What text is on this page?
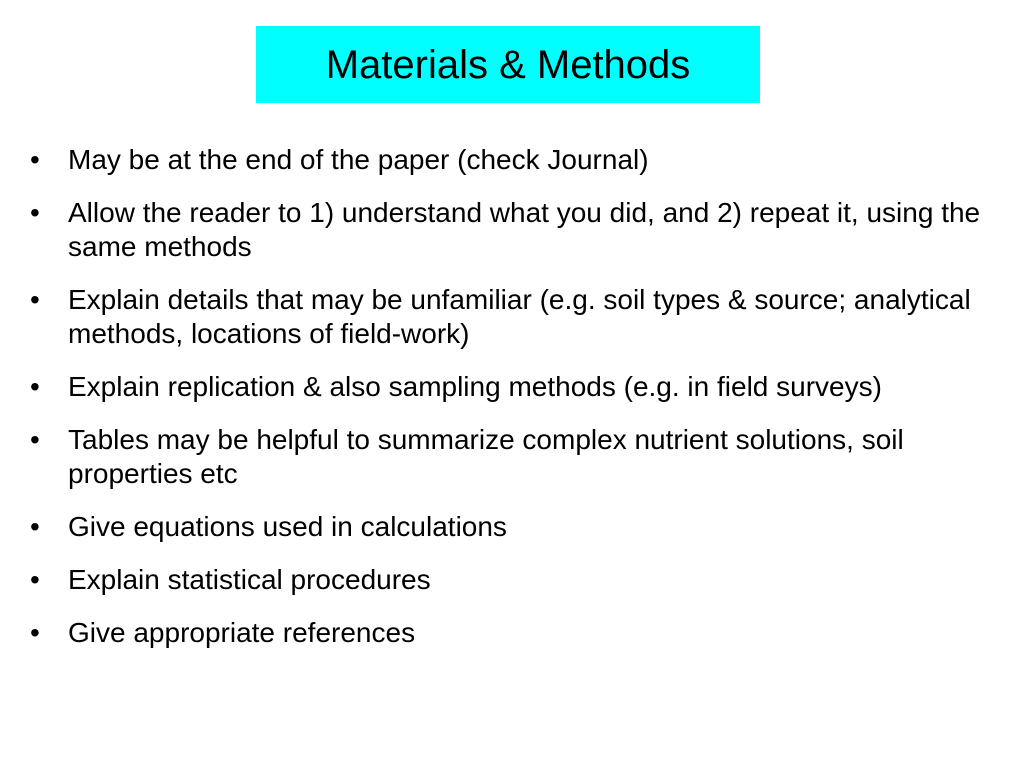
Materials & Methods
•	May be at the end of the paper (check Journal)
•	Allow the reader to 1) understand what you did, and 2) repeat it, using the same methods
•	Explain details that may be unfamiliar (e.g. soil types & source; analytical methods, locations of field-work)
•	Explain replication & also sampling methods (e.g. in field surveys)
•	Tables may be helpful to summarize complex nutrient solutions, soil properties etc
•	Give equations used in calculations
•	Explain statistical procedures
•	Give appropriate references
